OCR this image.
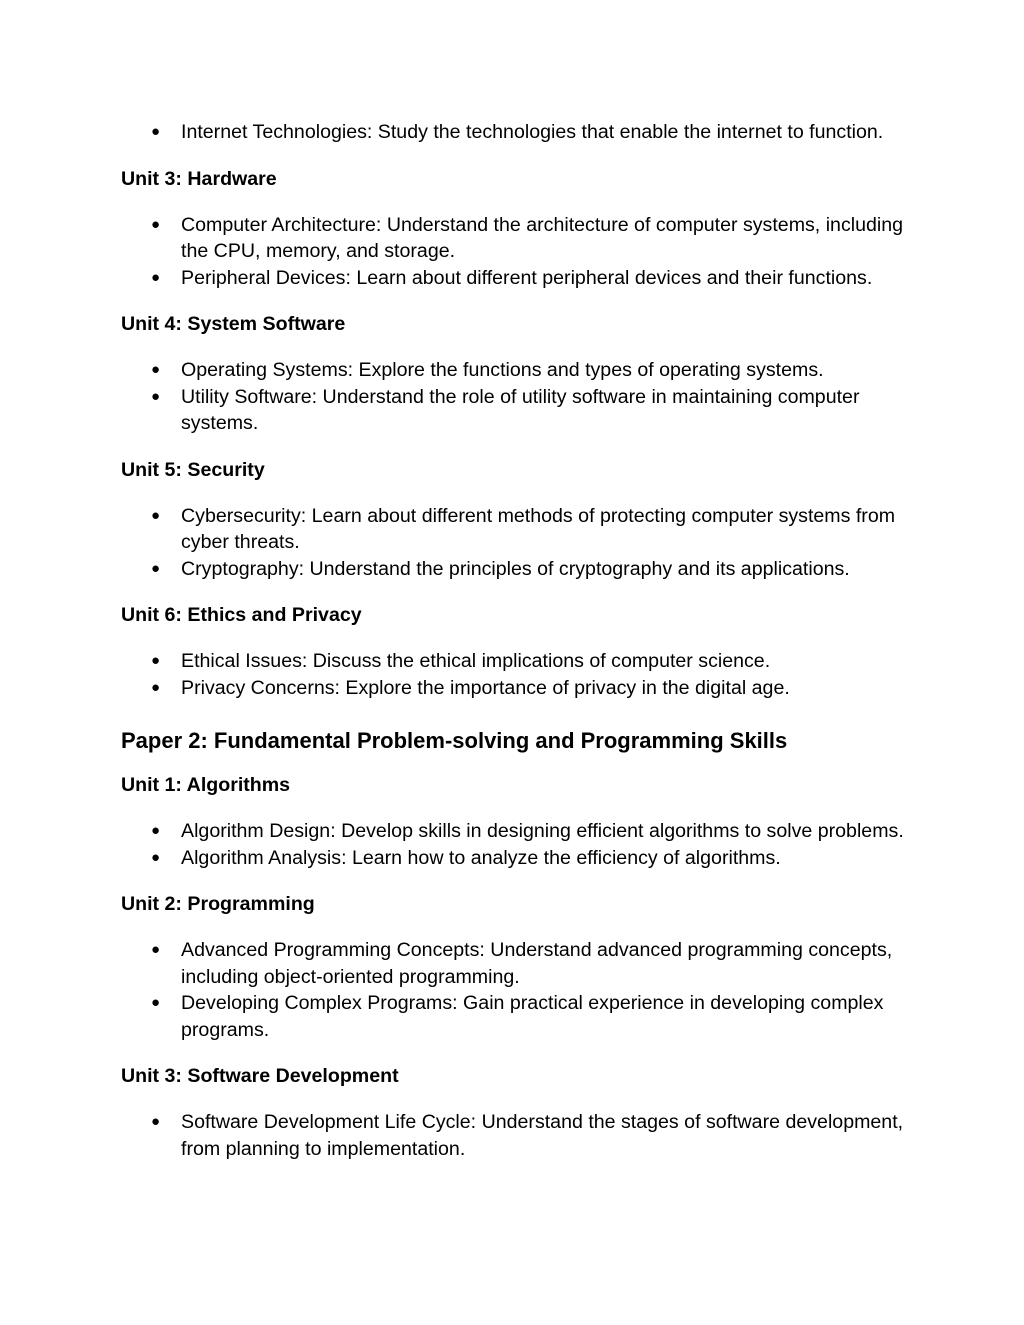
● Internet Technologies: Study the technologies that enable the internet to function.

Unit 3: Hardware

● Computer Architecture: Understand the architecture of computer systems, including the CPU, memory, and storage.
● Peripheral Devices: Learn about different peripheral devices and their functions.

Unit 4: System Software

● Operating Systems: Explore the functions and types of operating systems.
● Utility Software: Understand the role of utility software in maintaining computer systems.

Unit 5: Security

● Cybersecurity: Learn about different methods of protecting computer systems from cyber threats.
● Cryptography: Understand the principles of cryptography and its applications.

Unit 6: Ethics and Privacy

● Ethical Issues: Discuss the ethical implications of computer science.
● Privacy Concerns: Explore the importance of privacy in the digital age.

Paper 2: Fundamental Problem-solving and Programming Skills

Unit 1: Algorithms

● Algorithm Design: Develop skills in designing efficient algorithms to solve problems.
● Algorithm Analysis: Learn how to analyze the efficiency of algorithms.

Unit 2: Programming

● Advanced Programming Concepts: Understand advanced programming concepts, including object-oriented programming.
● Developing Complex Programs: Gain practical experience in developing complex programs.

Unit 3: Software Development

● Software Development Life Cycle: Understand the stages of software development, from planning to implementation.
